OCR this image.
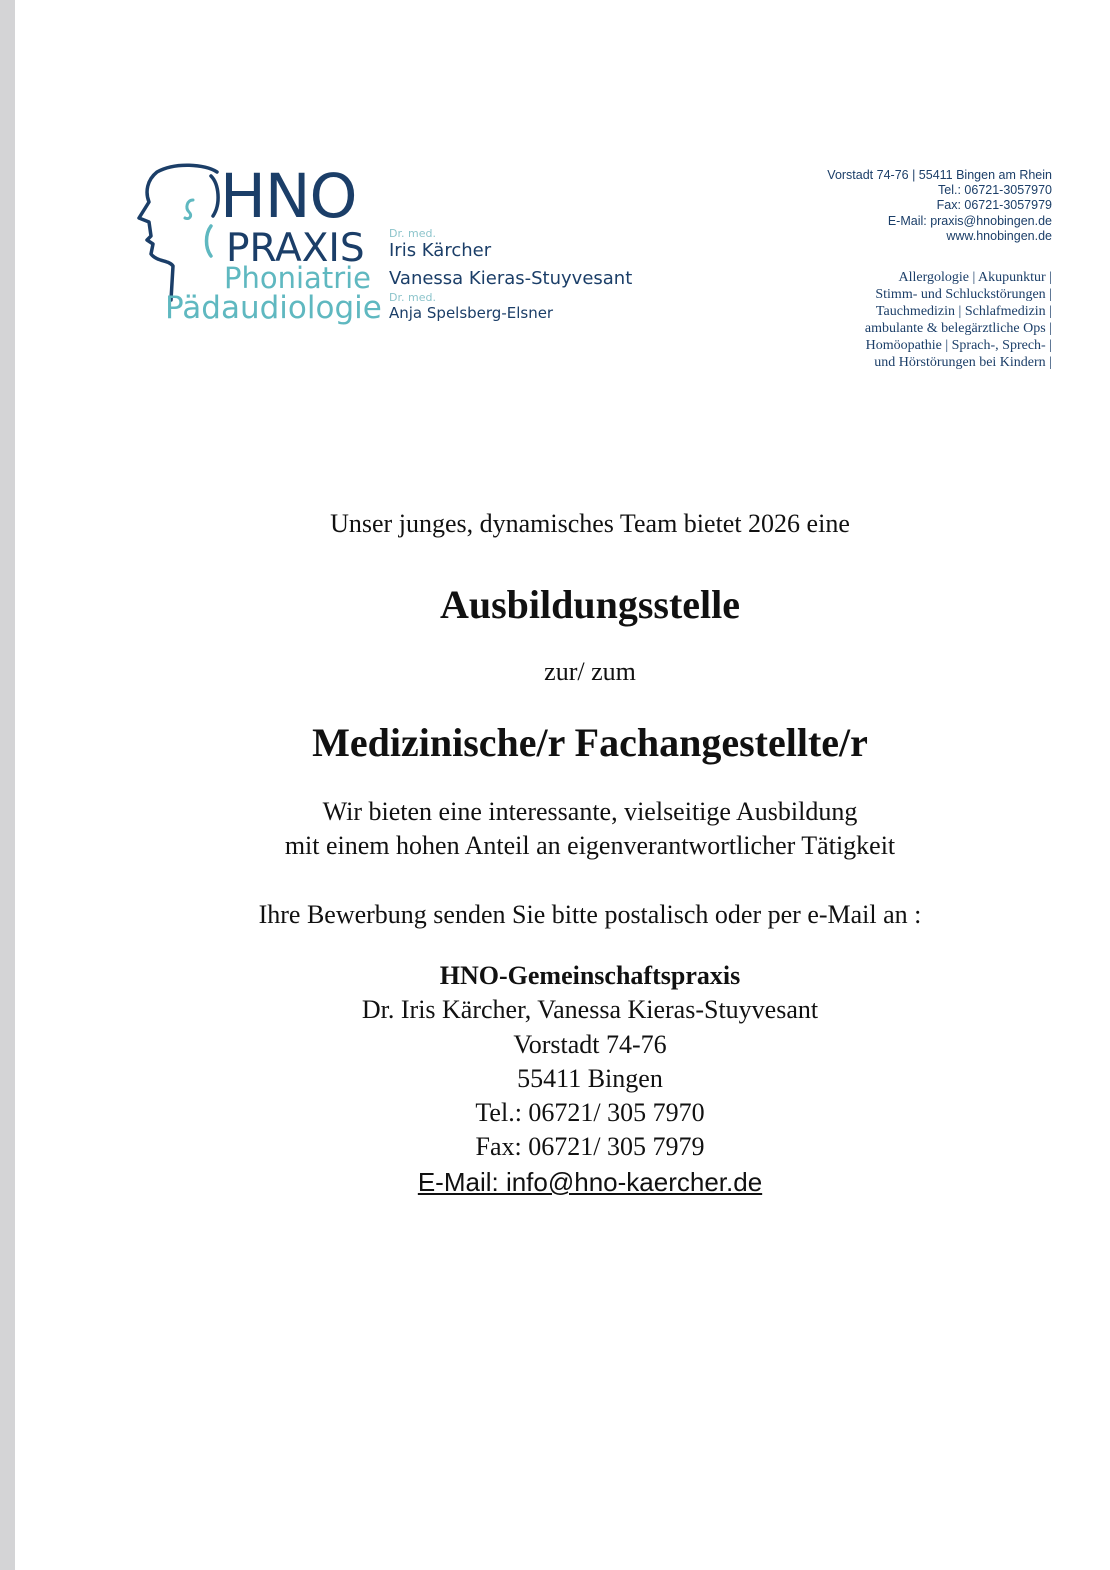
HNO
PRAXIS
Phoniatrie
Pädaudiologie
Dr. med.
Iris Kärcher
Vanessa Kieras-Stuyvesant
Dr. med.
Anja Spelsberg-Elsner
Vorstadt 74-76 | 55411 Bingen am Rhein
Tel.: 06721-3057970
Fax: 06721-3057979
E-Mail: praxis@hnobingen.de
www.hnobingen.de
Allergologie | Akupunktur |
Stimm- und Schluckstörungen |
Tauchmedizin | Schlafmedizin |
ambulante & belegärztliche Ops |
Homöopathie | Sprach-, Sprech- |
und Hörstörungen bei Kindern |

Unser junges, dynamisches Team bietet 2026 eine

Ausbildungsstelle

zur/ zum

Medizinische/r Fachangestellte/r

Wir bieten eine interessante, vielseitige Ausbildung

mit einem hohen Anteil an eigenverantwortlicher Tätigkeit

Ihre Bewerbung senden Sie bitte postalisch oder per e-Mail an :

HNO-Gemeinschaftspraxis

Dr. Iris Kärcher, Vanessa Kieras-Stuyvesant

Vorstadt 74-76

55411 Bingen

Tel.: 06721/ 305 7970

Fax: 06721/ 305 7979

E-Mail: info@hno-kaercher.de
